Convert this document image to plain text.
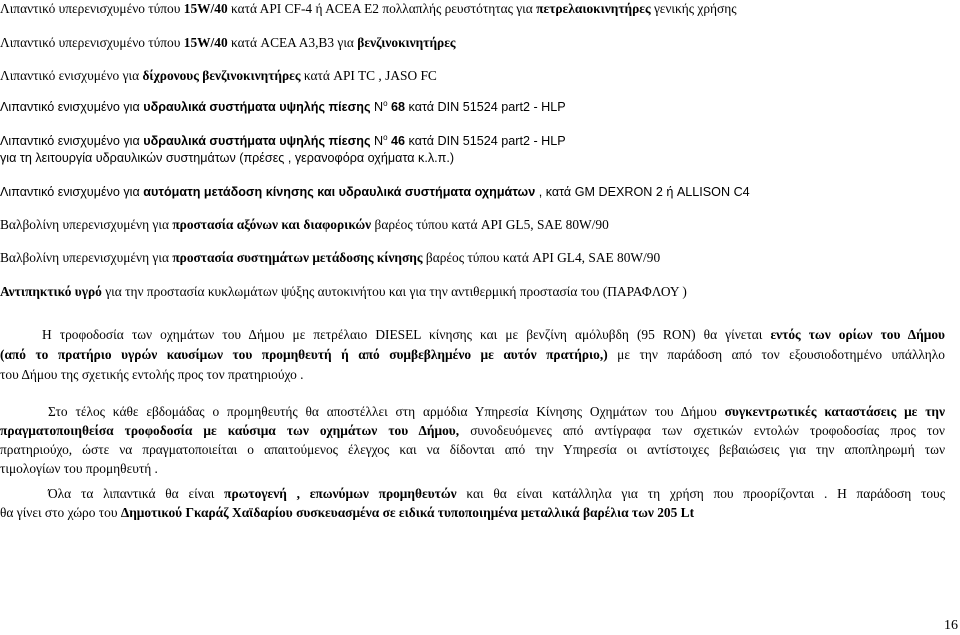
Λιπαντικό υπερενισχυμένο τύπου 15W/40 κατά ΑPI CF-4 ή ΑCEA E2 πολλαπλής ρευστότητας για πετρελαιοκινητήρες γενικής χρήσης
Λιπαντικό υπερενισχυμένο τύπου 15W/40 κατά ACEA A3,B3 για βενζινοκινητήρες
Λιπαντικό ενισχυμένο για δίχρονους βενζινοκινητήρες κατά API TC , JASO FC
Λιπαντικό ενισχυμένο για υδραυλικά συστήματα υψηλής πίεσης $N^o$ 68 κατά DIN 51524 part2 - HLP
Λιπαντικό ενισχυμένο για υδραυλικά συστήματα υψηλής πίεσης $N^o$ 46 κατά DIN 51524 part2 - HLP
για τη λειτουργία υδραυλικών συστημάτων (πρέσες , γερανοφόρα οχήματα κ.λ.π.)
Λιπαντικό ενισχυμένο για αυτόματη μετάδοση κίνησης και υδραυλικά συστήματα οχημάτων , κατά GM DEXRON 2 ή ALLISON C4
Βαλβολίνη υπερενισχυμένη για προστασία αξόνων και διαφορικών βαρέος τύπου κατά API GL5, SAE 80W/90
Βαλβολίνη υπερενισχυμένη για προστασία συστημάτων μετάδοσης κίνησης βαρέος τύπου κατά API GL4, SAE 80W/90
Αντιπηκτικό υγρό για την προστασία κυκλωμάτων ψύξης αυτοκινήτου και για την αντιθερμική προστασία του (ΠΑΡΑΦΛΟΥ )
Η τροφοδοσία των οχημάτων του Δήμου με πετρέλαιο DIESEL κίνησης και με βενζίνη αμόλυβδη (95 RON) θα γίνεται εντός των ορίων του Δήμου
(από το πρατήριο υγρών καυσίμων του προμηθευτή ή από συμβεβλημένο με αυτόν πρατήριο,) με την παράδοση από τον εξουσιοδοτημένο υπάλληλο
του Δήμου της σχετικής εντολής προς τον πρατηριούχο .
Στο τέλος κάθε εβδομάδας ο προμηθευτής θα αποστέλλει στη αρμόδια Υπηρεσία Κίνησης Οχημάτων του Δήμου συγκεντρωτικές καταστάσεις με την
πραγματοποιηθείσα τροφοδοσία με καύσιμα των οχημάτων του Δήμου, συνοδευόμενες από αντίγραφα των σχετικών εντολών τροφοδοσίας προς τον
πρατηριούχο, ώστε να πραγματοποιείται ο απαιτούμενος έλεγχος και να δίδονται από την Υπηρεσία οι αντίστοιχες βεβαιώσεις για την αποπληρωμή των
τιμολογίων του προμηθευτή .
Όλα τα λιπαντικά θα είναι πρωτογενή , επωνύμων προμηθευτών και θα είναι κατάλληλα για τη χρήση που προορίζονται . Η παράδοση τους
θα γίνει στο χώρο του Δημοτικού Γκαράζ Χαϊδαρίου συσκευασμένα σε ειδικά τυποποιημένα μεταλλικά βαρέλια των 205 Lt
16
